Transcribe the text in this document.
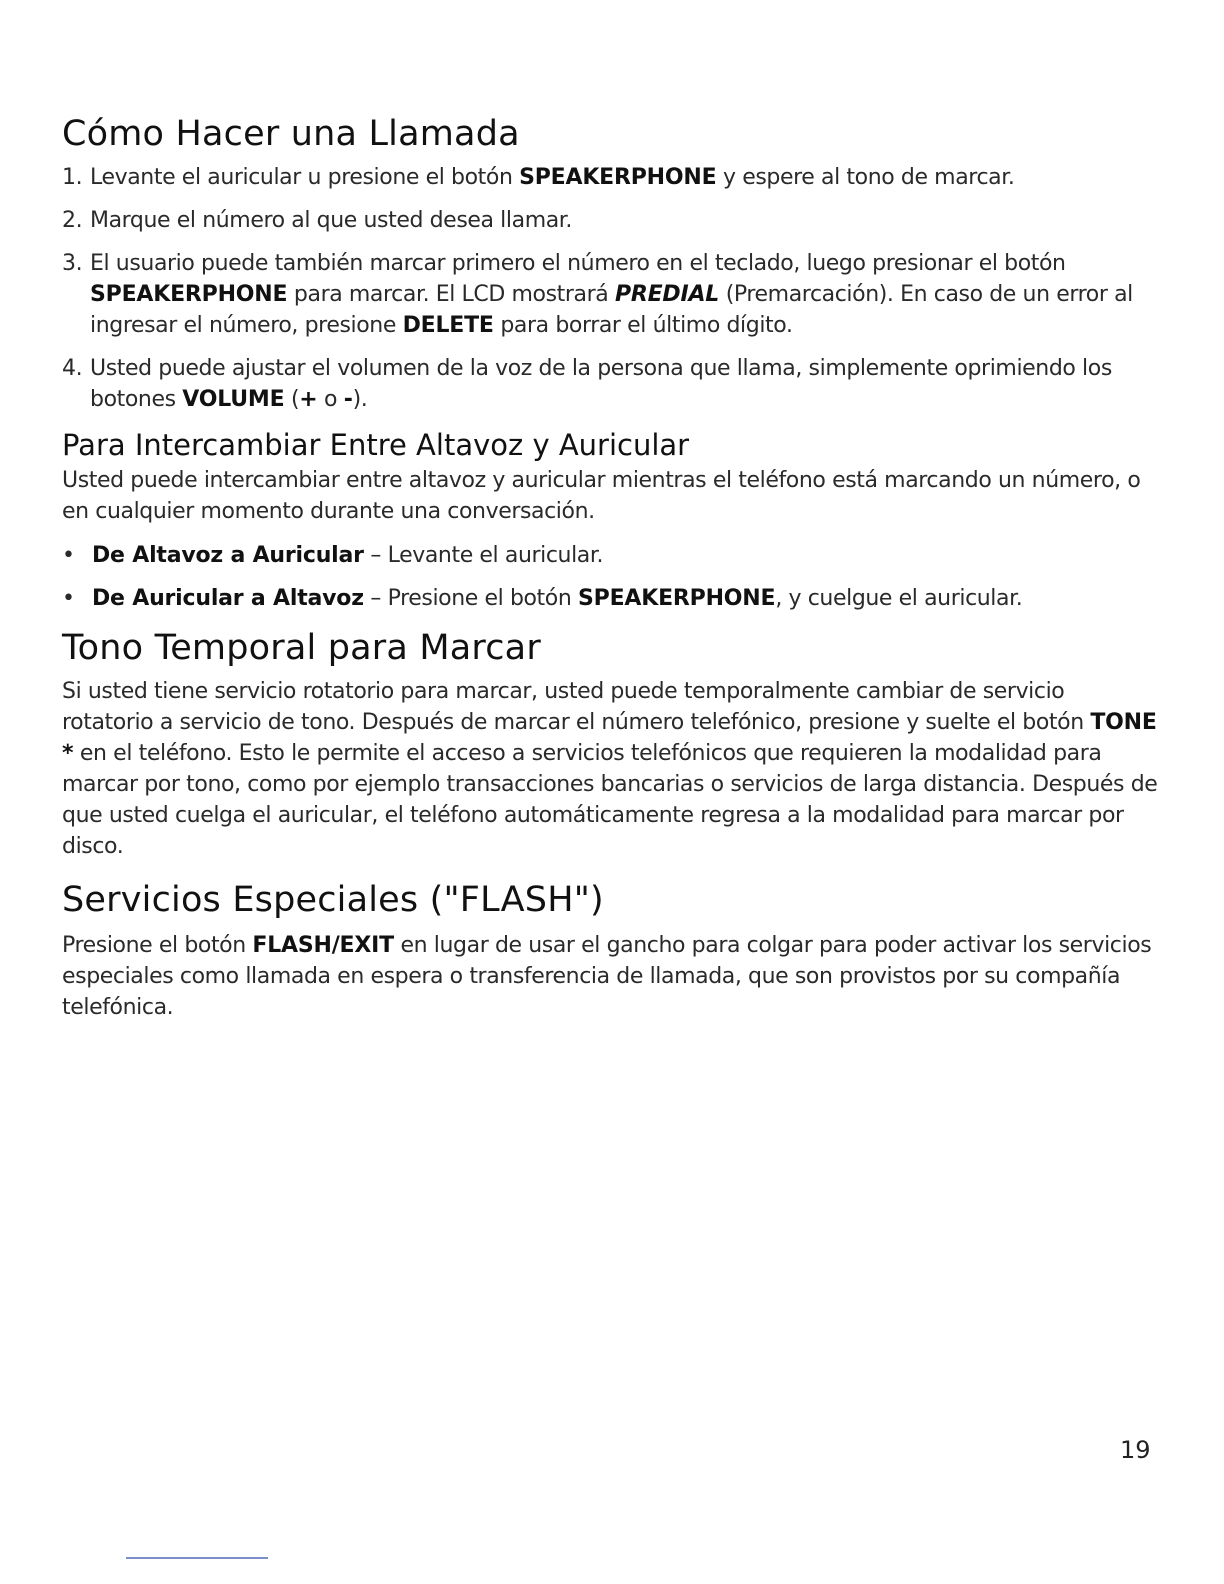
Cómo Hacer una Llamada
1. Levante el auricular u presione el botón SPEAKERPHONE y espere al tono de marcar.
2. Marque el número al que usted desea llamar.
3. El usuario puede también marcar primero el número en el teclado, luego presionar el botón SPEAKERPHONE para marcar. El LCD mostrará PREDIAL (Premarcación). En caso de un error al ingresar el número, presione DELETE para borrar el último dígito.
4. Usted puede ajustar el volumen de la voz de la persona que llama, simplemente oprimiendo los botones VOLUME (+ o -).
Para Intercambiar Entre Altavoz y Auricular

Usted puede intercambiar entre altavoz y auricular mientras el teléfono está marcando un número, o en cualquier momento durante una conversación.

• De Altavoz a Auricular – Levante el auricular.
• De Auricular a Altavoz – Presione el botón SPEAKERPHONE, y cuelgue el auricular.
Tono Temporal para Marcar

Si usted tiene servicio rotatorio para marcar, usted puede temporalmente cambiar de servicio rotatorio a servicio de tono. Después de marcar el número telefónico, presione y suelte el botón TONE * en el teléfono. Esto le permite el acceso a servicios telefónicos que requieren la modalidad para marcar por tono, como por ejemplo transacciones bancarias o servicios de larga distancia. Después de que usted cuelga el auricular, el teléfono automáticamente regresa a la modalidad para marcar por disco.

Servicios Especiales ("FLASH")

Presione el botón FLASH/EXIT en lugar de usar el gancho para colgar para poder activar los servicios especiales como llamada en espera o transferencia de llamada, que son provistos por su compañía telefónica.

19
